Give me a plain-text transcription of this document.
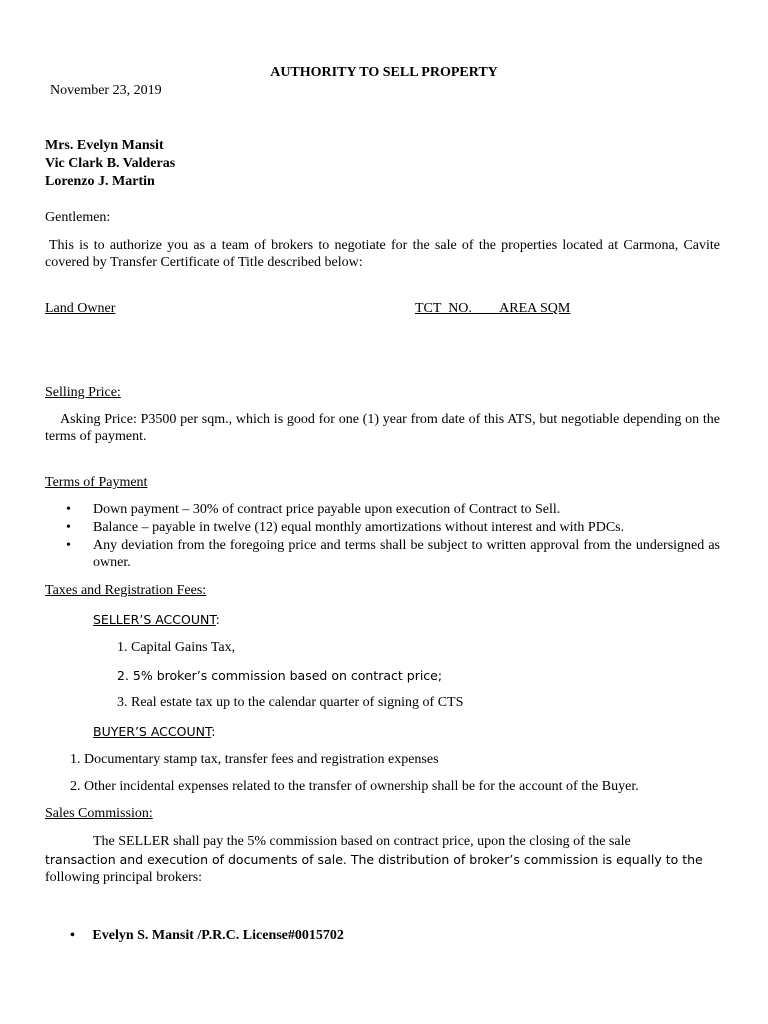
AUTHORITY TO SELL PROPERTY
November 23, 2019
Mrs. Evelyn Mansit
Vic Clark B. Valderas
Lorenzo J. Martin
Gentlemen:
This is to authorize you as a team of brokers to negotiate for the sale of the properties located at Carmona, Cavite covered by Transfer Certificate of Title described below:
Land Owner	TCT  NO. AREA SQM
Selling Price:
Asking Price: P3500 per sqm., which is good for one (1) year from date of this ATS, but negotiable depending on the terms of payment.
Terms of Payment
• Down payment – 30% of contract price payable upon execution of Contract to Sell.
• Balance – payable in twelve (12) equal monthly amortizations without interest and with PDCs.
• Any deviation from the foregoing price and terms shall be subject to written approval from the undersigned as owner.
Taxes and Registration Fees:
SELLER’S ACCOUNT:
1. Capital Gains Tax,
2. 5% broker’s commission based on contract price;
3. Real estate tax up to the calendar quarter of signing of CTS
BUYER’S ACCOUNT:
1. Documentary stamp tax, transfer fees and registration expenses
2. Other incidental expenses related to the transfer of ownership shall be for the account of the Buyer.
Sales Commission:
The SELLER shall pay the 5% commission based on contract price, upon the closing of the sale
transaction and execution of documents of sale. The distribution of broker’s commission is equally to the
following principal brokers:
• Evelyn S. Mansit /P.R.C. License#0015702
